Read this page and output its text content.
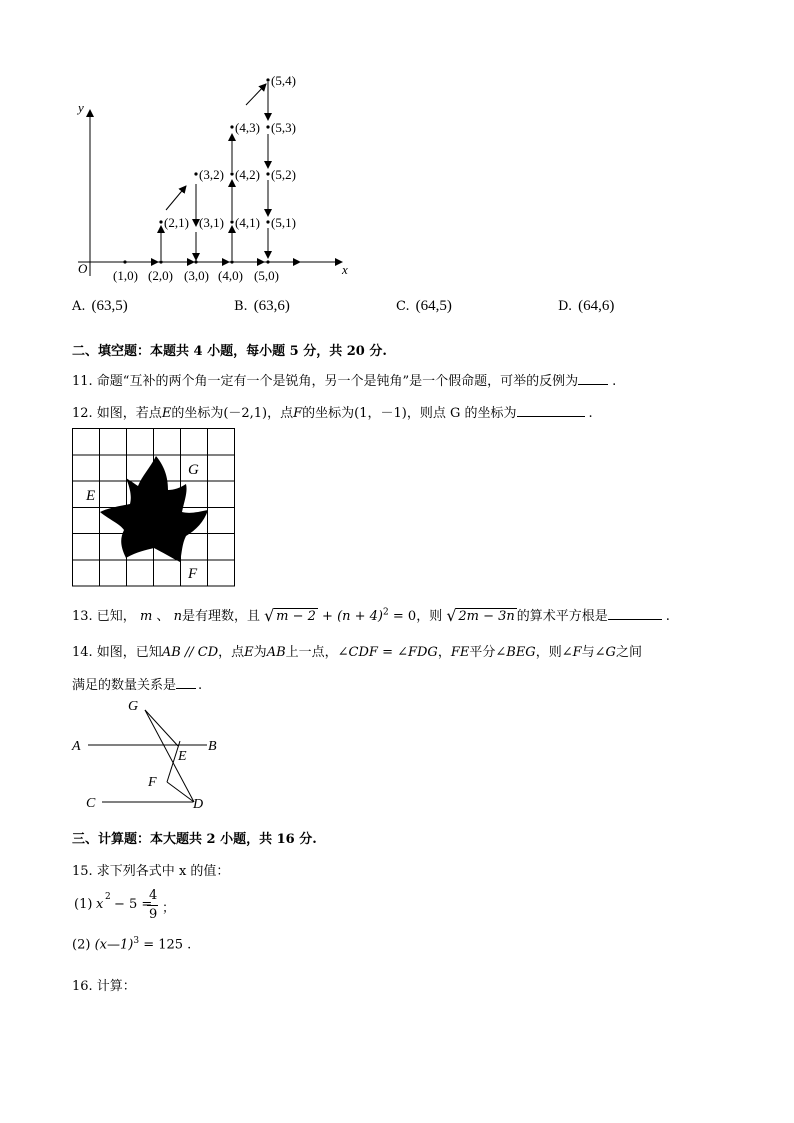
x
y
O (1,0) (2,0) (3,0) (4,0) (5,0)
(2,1) (3,1) (4,1) (5,1)
(3,2) (4,2) (5,2)
(4,3) (5,3)
(5,4)
A. (63,5)	B. (63,6)	C. (64,5)	D. (64,6)
二、填空题：本题共 4 小题，每小题 5 分，共 20 分.
11. 命题“互补的两个角一定有一个是锐角，另一个是钝角”是一个假命题，可举的反例为	.
12. 如图，若点E的坐标为(－2,1)，点F的坐标为(1，－1)，则点 G 的坐标为	.
G
E
F
13. 已知， m 、 n是有理数，且 √ $m - 2 + (n + 4)^2 = 0$，则 √ 2m − 3n 的算术平方根是	.
14. 如图，已知AB // CD，点E为AB上一点，∠CDF = ∠FDG，FE平分∠BEG，则∠F与∠G之间
满足的数量关系是 .
G
A	B
E
F
C	D
三、计算题：本大题共 2 小题，共 16 分.
15. 求下列各式中 x 的值：
(1) x 2 − 5 =
4
9 ；
(2) (x—1)$^3$ = 125 .
16. 计算：
